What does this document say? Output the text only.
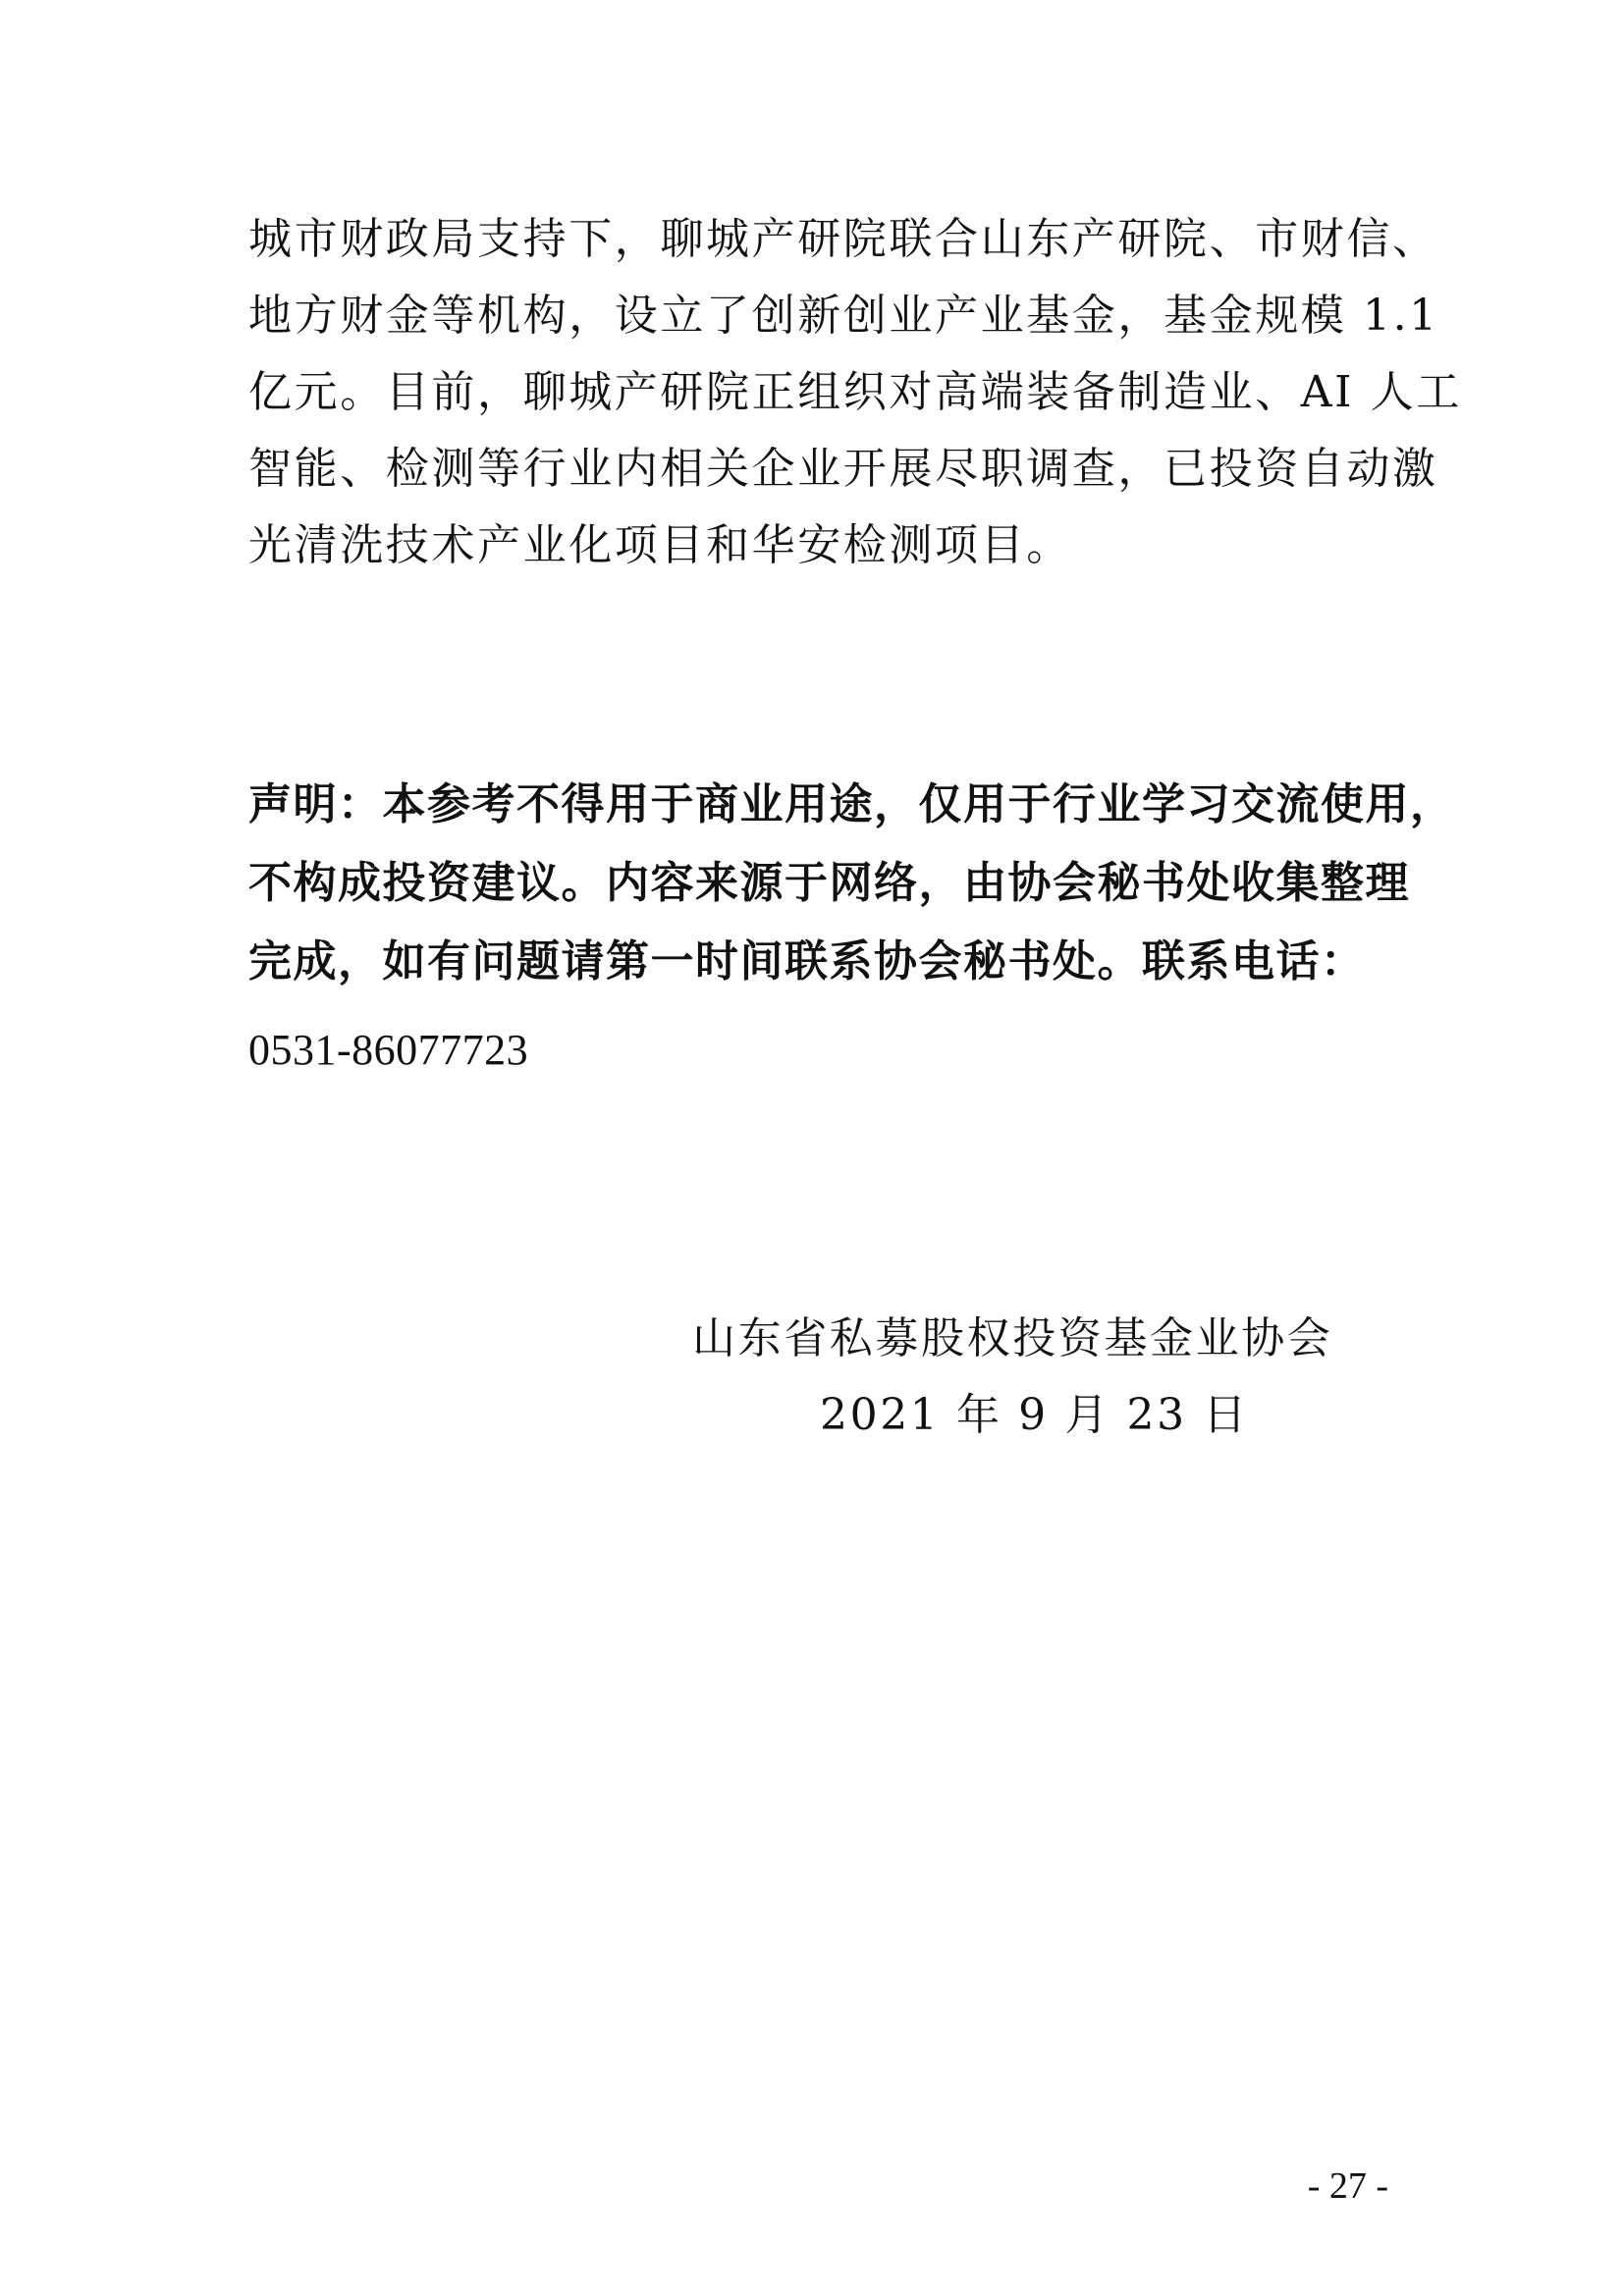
城市财政局支持下，聊城产研院联合山东产研院、市财信、
地方财金等机构，设立了创新创业产业基金，基金规模 1.1
亿元。目前，聊城产研院正组织对高端装备制造业、AI 人工
智能、检测等行业内相关企业开展尽职调查，已投资自动激
光清洗技术产业化项目和华安检测项目。
声明：本参考不得用于商业用途，仅用于行业学习交流使用，
不构成投资建议。内容来源于网络，由协会秘书处收集整理
完成，如有问题请第一时间联系协会秘书处。联系电话：
0531-86077723
山东省私募股权投资基金业协会
2021 年 9 月 23 日
- 27 -
